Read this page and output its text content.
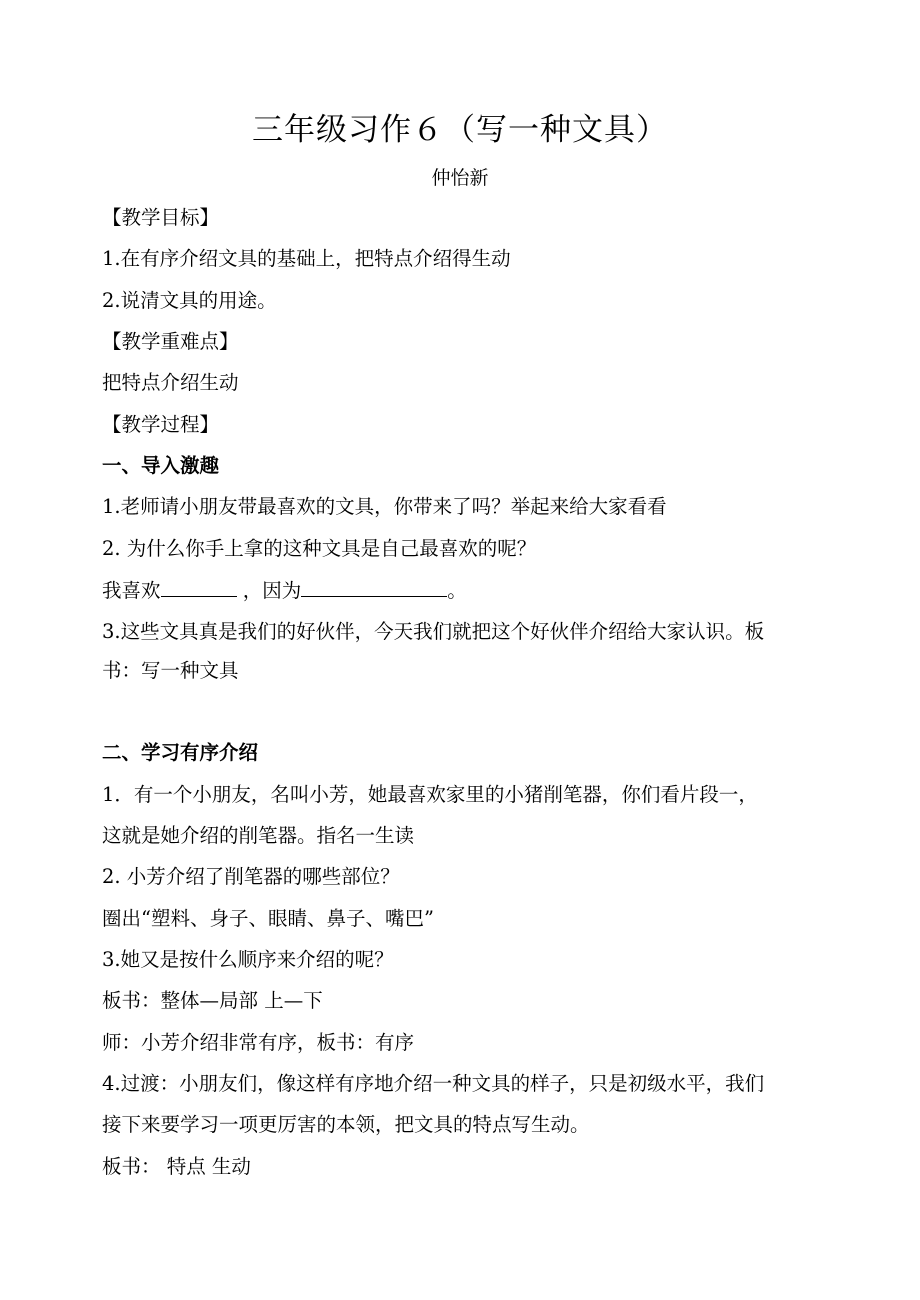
三年级习作６（写一种文具）
仲怡新
【教学目标】
1.在有序介绍文具的基础上，把特点介绍得生动
2.说清文具的用途。
【教学重难点】
把特点介绍生动
【教学过程】
一、导入激趣
1.老师请小朋友带最喜欢的文具，你带来了吗？举起来给大家看看
2. 为什么你手上拿的这种文具是自己最喜欢的呢？
我喜欢	，因为	。
3.这些文具真是我们的好伙伴，今天我们就把这个好伙伴介绍给大家认识。板
书：写一种文具
二、学习有序介绍
1．有一个小朋友，名叫小芳，她最喜欢家里的小猪削笔器，你们看片段一，
这就是她介绍的削笔器。指名一生读
2. 小芳介绍了削笔器的哪些部位？
圈出“塑料、身子、眼睛、鼻子、嘴巴”
3.她又是按什么顺序来介绍的呢？
板书：整体—局部 上—下
师：小芳介绍非常有序，板书：有序
4.过渡：小朋友们，像这样有序地介绍一种文具的样子，只是初级水平，我们
接下来要学习一项更厉害的本领，把文具的特点写生动。
板书： 特点 生动
